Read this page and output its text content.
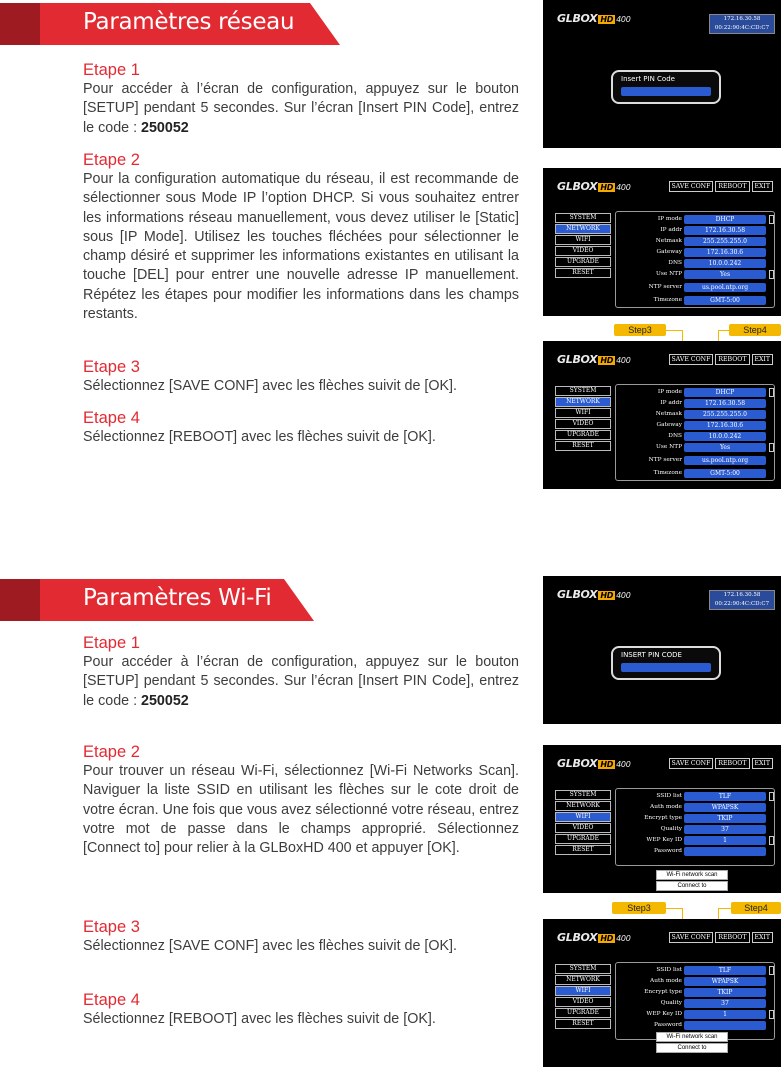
Paramètres réseau
Etape 1

Pour accéder à l’écran de configuration, appuyez sur le bouton [SETUP] pendant 5 secondes. Sur l’écran [Insert PIN Code], entrez le code : 250052

Etape 2

Pour la configuration automatique du réseau, il est recommande de sélectionner sous Mode IP l’option DHCP. Si vous souhaitez entrer les informations réseau manuellement, vous devez utiliser le [Static] sous [IP Mode]. Utilisez les touches fléchées pour sélectionner le champ désiré et supprimer les informations existantes en utilisant la touche [DEL] pour entrer une nouvelle adresse IP manuellement. Répétez les étapes pour modifier les informations dans les champs restants.

Etape 3

Sélectionnez [SAVE CONF] avec les flèches suivit de [OK].

Etape 4

Sélectionnez [REBOOT] avec les flèches suivit de [OK].

GLBOX HD 400	172.16.30.58
00:22:90:4C:CD:C7
Insert PIN Code
GLBOX HD 400	SAVE CONF	REBOOT	EXIT
SYSTEM
NETWORK
WIFI
VIDEO
UPGRADE
RESET
IP mode	DHCP
IP addr	172.16.30.58
Netmask	255.255.255.0
Gateway	172.16.30.6
DNS	10.0.0.242
Use NTP	Yes
NTP server	us.pool.ntp.org
Timezone	GMT-5:00
Step3	Step4
GLBOX HD 400	SAVE CONF	REBOOT	EXIT
SYSTEM
NETWORK
WIFI
VIDEO
UPGRADE
RESET
IP mode	DHCP
IP addr	172.16.30.58
Netmask	255.255.255.0
Gateway	172.16.30.6
DNS	10.0.0.242
Use NTP	Yes
NTP server	us.pool.ntp.org
Timezone	GMT-5:00
Paramètres Wi-Fi
Etape 1

Pour accéder à l’écran de configuration, appuyez sur le bouton [SETUP] pendant 5 secondes. Sur l’écran [Insert PIN Code], entrez le code : 250052

Etape 2

Pour trouver un réseau Wi-Fi, sélectionnez [Wi-Fi Networks Scan]. Naviguer la liste SSID en utilisant les flèches sur le cote droit de votre écran. Une fois que vous avez sélectionné votre réseau, entrez votre mot de passe dans le champs approprié. Sélectionnez [Connect to] pour relier à la GLBoxHD 400 et appuyer [OK].

Etape 3

Sélectionnez [SAVE CONF] avec les flèches suivit de [OK].

Etape 4

Sélectionnez [REBOOT] avec les flèches suivit de [OK].

GLBOX HD 400	172.16.30.58
00:22:90:4C:CD:C7
INSERT PIN CODE
GLBOX HD 400	SAVE CONF	REBOOT	EXIT
SYSTEM
NETWORK
WIFI
VIDEO
UPGRADE
RESET
SSID list	TLF
Auth mode	WPAPSK
Encrypt type	TKIP
Quality	37
WEP Key ID	1
Password
Wi-Fi network scan
Connect to
Step3	Step4
GLBOX HD 400	SAVE CONF	REBOOT	EXIT
SYSTEM
NETWORK
WIFI
VIDEO
UPGRADE
RESET
SSID list	TLF
Auth mode	WPAPSK
Encrypt type	TKIP
Quality	37
WEP Key ID	1
Password
Wi-Fi network scan
Connect to
